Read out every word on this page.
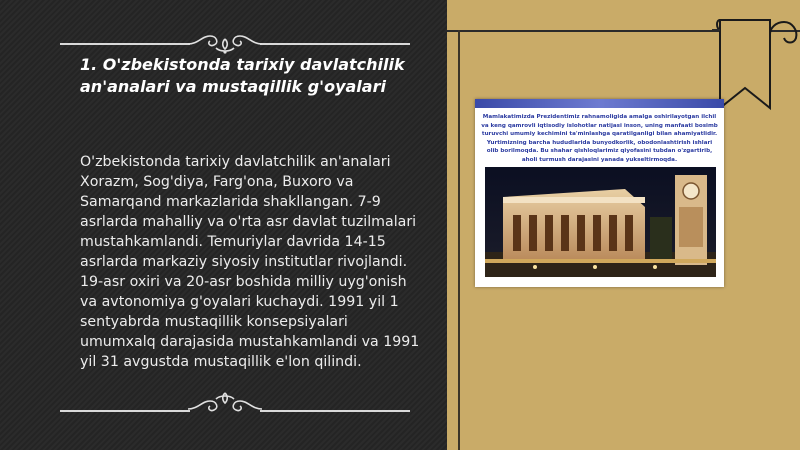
1. O'zbekistonda tarixiy davlatchilik an'analari va mustaqillik g'oyalari
O'zbekistonda tarixiy davlatchilik an'analari Xorazm, Sog'diya, Farg'ona, Buxoro va Samarqand markazlarida shakllangan. 7-9 asrlarda mahalliy va o'rta asr davlat tuzilmalari mustahkamlandi. Temuriylar davrida 14-15 asrlarda markaziy siyosiy institutlar rivojlandi. 19-asr oxiri va 20-asr boshida milliy uyg'onish va avtonomiya g'oyalari kuchaydi. 1991 yil 1 sentyabrda mustaqillik konsepsiyalari umumxalq darajasida mustahkamlandi va 1991 yil 31 avgustda mustaqillik e'lon qilindi.
Mamlakatimizda Prezidentimiz rahnamoligida amalga oshirilayotgan ilchil va keng qamrovli iqtisodiy islohotlar natijasi inson, uning manfaati bosimb turuvchi umumiy kechimini ta'minlashga qaratilganligi bilan ahamiyatlidir. Yurtimizning barcha hududlarida bunyodkorlik, obodonlashtirish ishlari olib borilmoqda. Bu shahar qishloqlarimiz qiyofasini tubdan o'zgartirib, aholi turmush darajasini yanada yukseltirmoqda.
